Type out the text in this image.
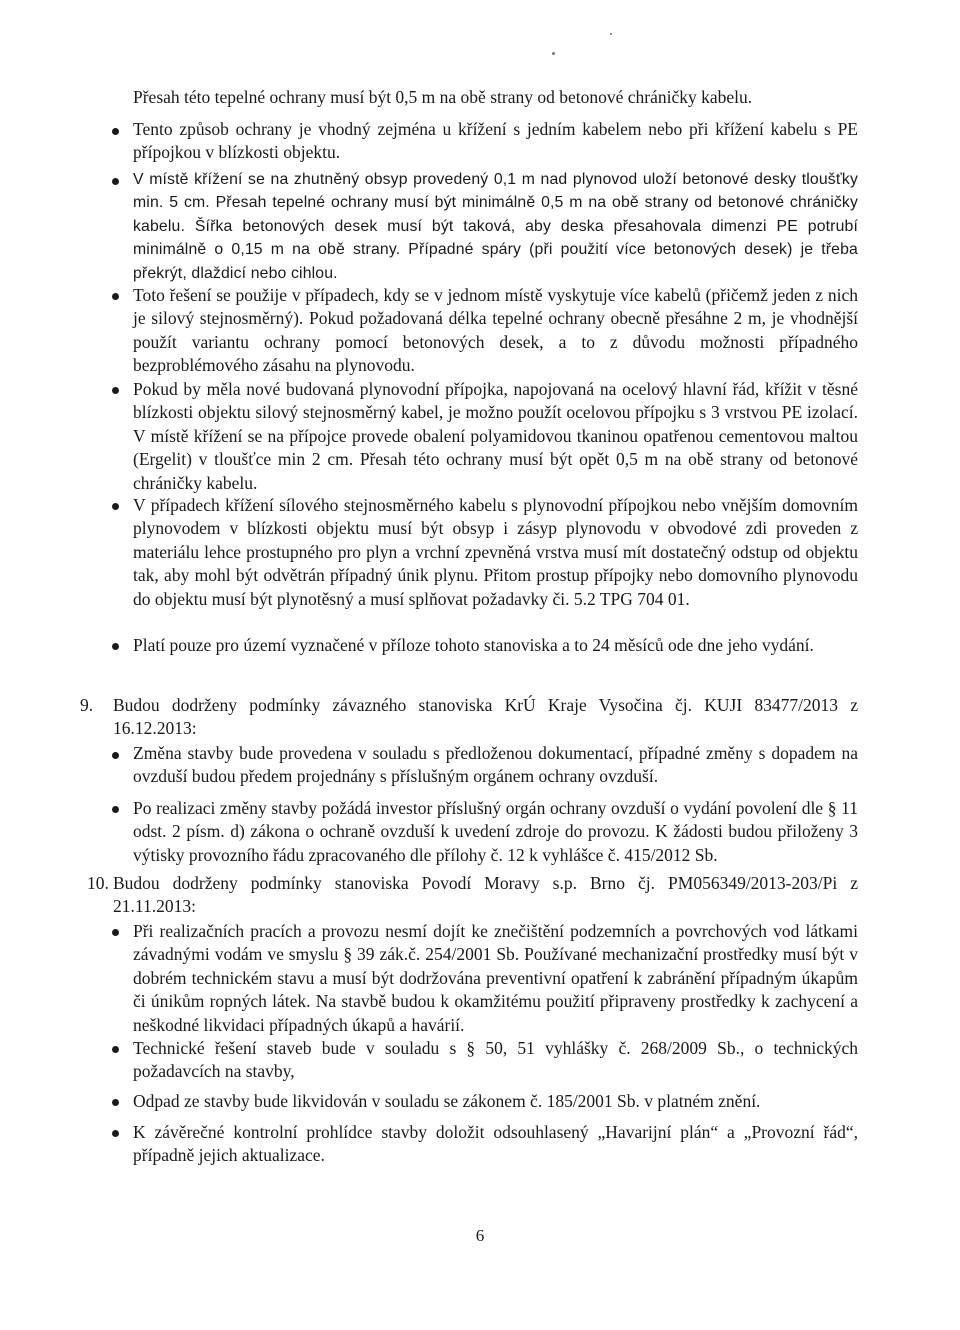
Přesah této tepelné ochrany musí být 0,5 m na obě strany od betonové chráničky kabelu.
Tento způsob ochrany je vhodný zejména u křížení s jedním kabelem nebo při křížení kabelu s PE přípojkou v blízkosti objektu.
V místě křížení se na zhutněný obsyp provedený 0,1 m nad plynovod uloží betonové desky tloušťky min. 5 cm. Přesah tepelné ochrany musí být minimálně 0,5 m na obě strany od betonové chráničky kabelu. Šířka betonových desek musí být taková, aby deska přesahovala dimenzi PE potrubí minimálně o 0,15 m na obě strany. Případné spáry (při použití více betonových desek) je třeba překrýt, dlaždicí nebo cihlou.
Toto řešení se použije v případech, kdy se v jednom místě vyskytuje více kabelů (přičemž jeden z nich je silový stejnosměrný). Pokud požadovaná délka tepelné ochrany obecně přesáhne 2 m, je vhodnější použít variantu ochrany pomocí betonových desek, a to z důvodu možnosti případného bezproblémového zásahu na plynovodu.
Pokud by měla nové budovaná plynovodní přípojka, napojovaná na ocelový hlavní řád, křížit v těsné blízkosti objektu silový stejnosměrný kabel, je možno použít ocelovou přípojku s 3 vrstvou PE izolací. V místě křížení se na přípojce provede obalení polyamidovou tkaninou opatřenou cementovou maltou (Ergelit) v tloušťce min 2 cm. Přesah této ochrany musí být opět 0,5 m na obě strany od betonové chráničky kabelu.
V případech křížení sílového stejnosměrného kabelu s plynovodní přípojkou nebo vnějším domovním plynovodem v blízkosti objektu musí být obsyp i zásyp plynovodu v obvodové zdi proveden z materiálu lehce prostupného pro plyn a vrchní zpevněná vrstva musí mít dostatečný odstup od objektu tak, aby mohl být odvětrán případný únik plynu. Přitom prostup přípojky nebo domovního plynovodu do objektu musí být plynotěsný a musí splňovat požadavky či. 5.2 TPG 704 01.
Platí pouze pro území vyznačené v příloze tohoto stanoviska a to 24 měsíců ode dne jeho vydání.
9. Budou dodrženy podmínky závazného stanoviska KrÚ Kraje Vysočina čj. KUJI 83477/2013 z 16.12.2013:
Změna stavby bude provedena v souladu s předloženou dokumentací, případné změny s dopadem na ovzduší budou předem projednány s příslušným orgánem ochrany ovzduší.
Po realizaci změny stavby požádá investor příslušný orgán ochrany ovzduší o vydání povolení dle § 11 odst. 2 písm. d) zákona o ochraně ovzduší k uvedení zdroje do provozu. K žádosti budou přiloženy 3 výtisky provozního řádu zpracovaného dle přílohy č. 12 k vyhlášce č. 415/2012 Sb.
10. Budou dodrženy podmínky stanoviska Povodí Moravy s.p. Brno čj. PM056349/2013-203/Pi z 21.11.2013:
Při realizačních pracích a provozu nesmí dojít ke znečištění podzemních a povrchových vod látkami závadnými vodám ve smyslu § 39 zák.č. 254/2001 Sb. Používané mechanizační prostředky musí být v dobrém technickém stavu a musí být dodržována preventivní opatření k zabránění případným úkapům či únikům ropných látek. Na stavbě budou k okamžitému použití připraveny prostředky k zachycení a neškodné likvidaci případných úkapů a havárií.
Technické řešení staveb bude v souladu s § 50, 51 vyhlášky č. 268/2009 Sb., o technických požadavcích na stavby,
Odpad ze stavby bude likvidován v souladu se zákonem č. 185/2001 Sb. v platném znění.
K závěrečné kontrolní prohlídce stavby doložit odsouhlasený „Havarijní plán“ a „Provozní řád“, případně jejich aktualizace.
6
